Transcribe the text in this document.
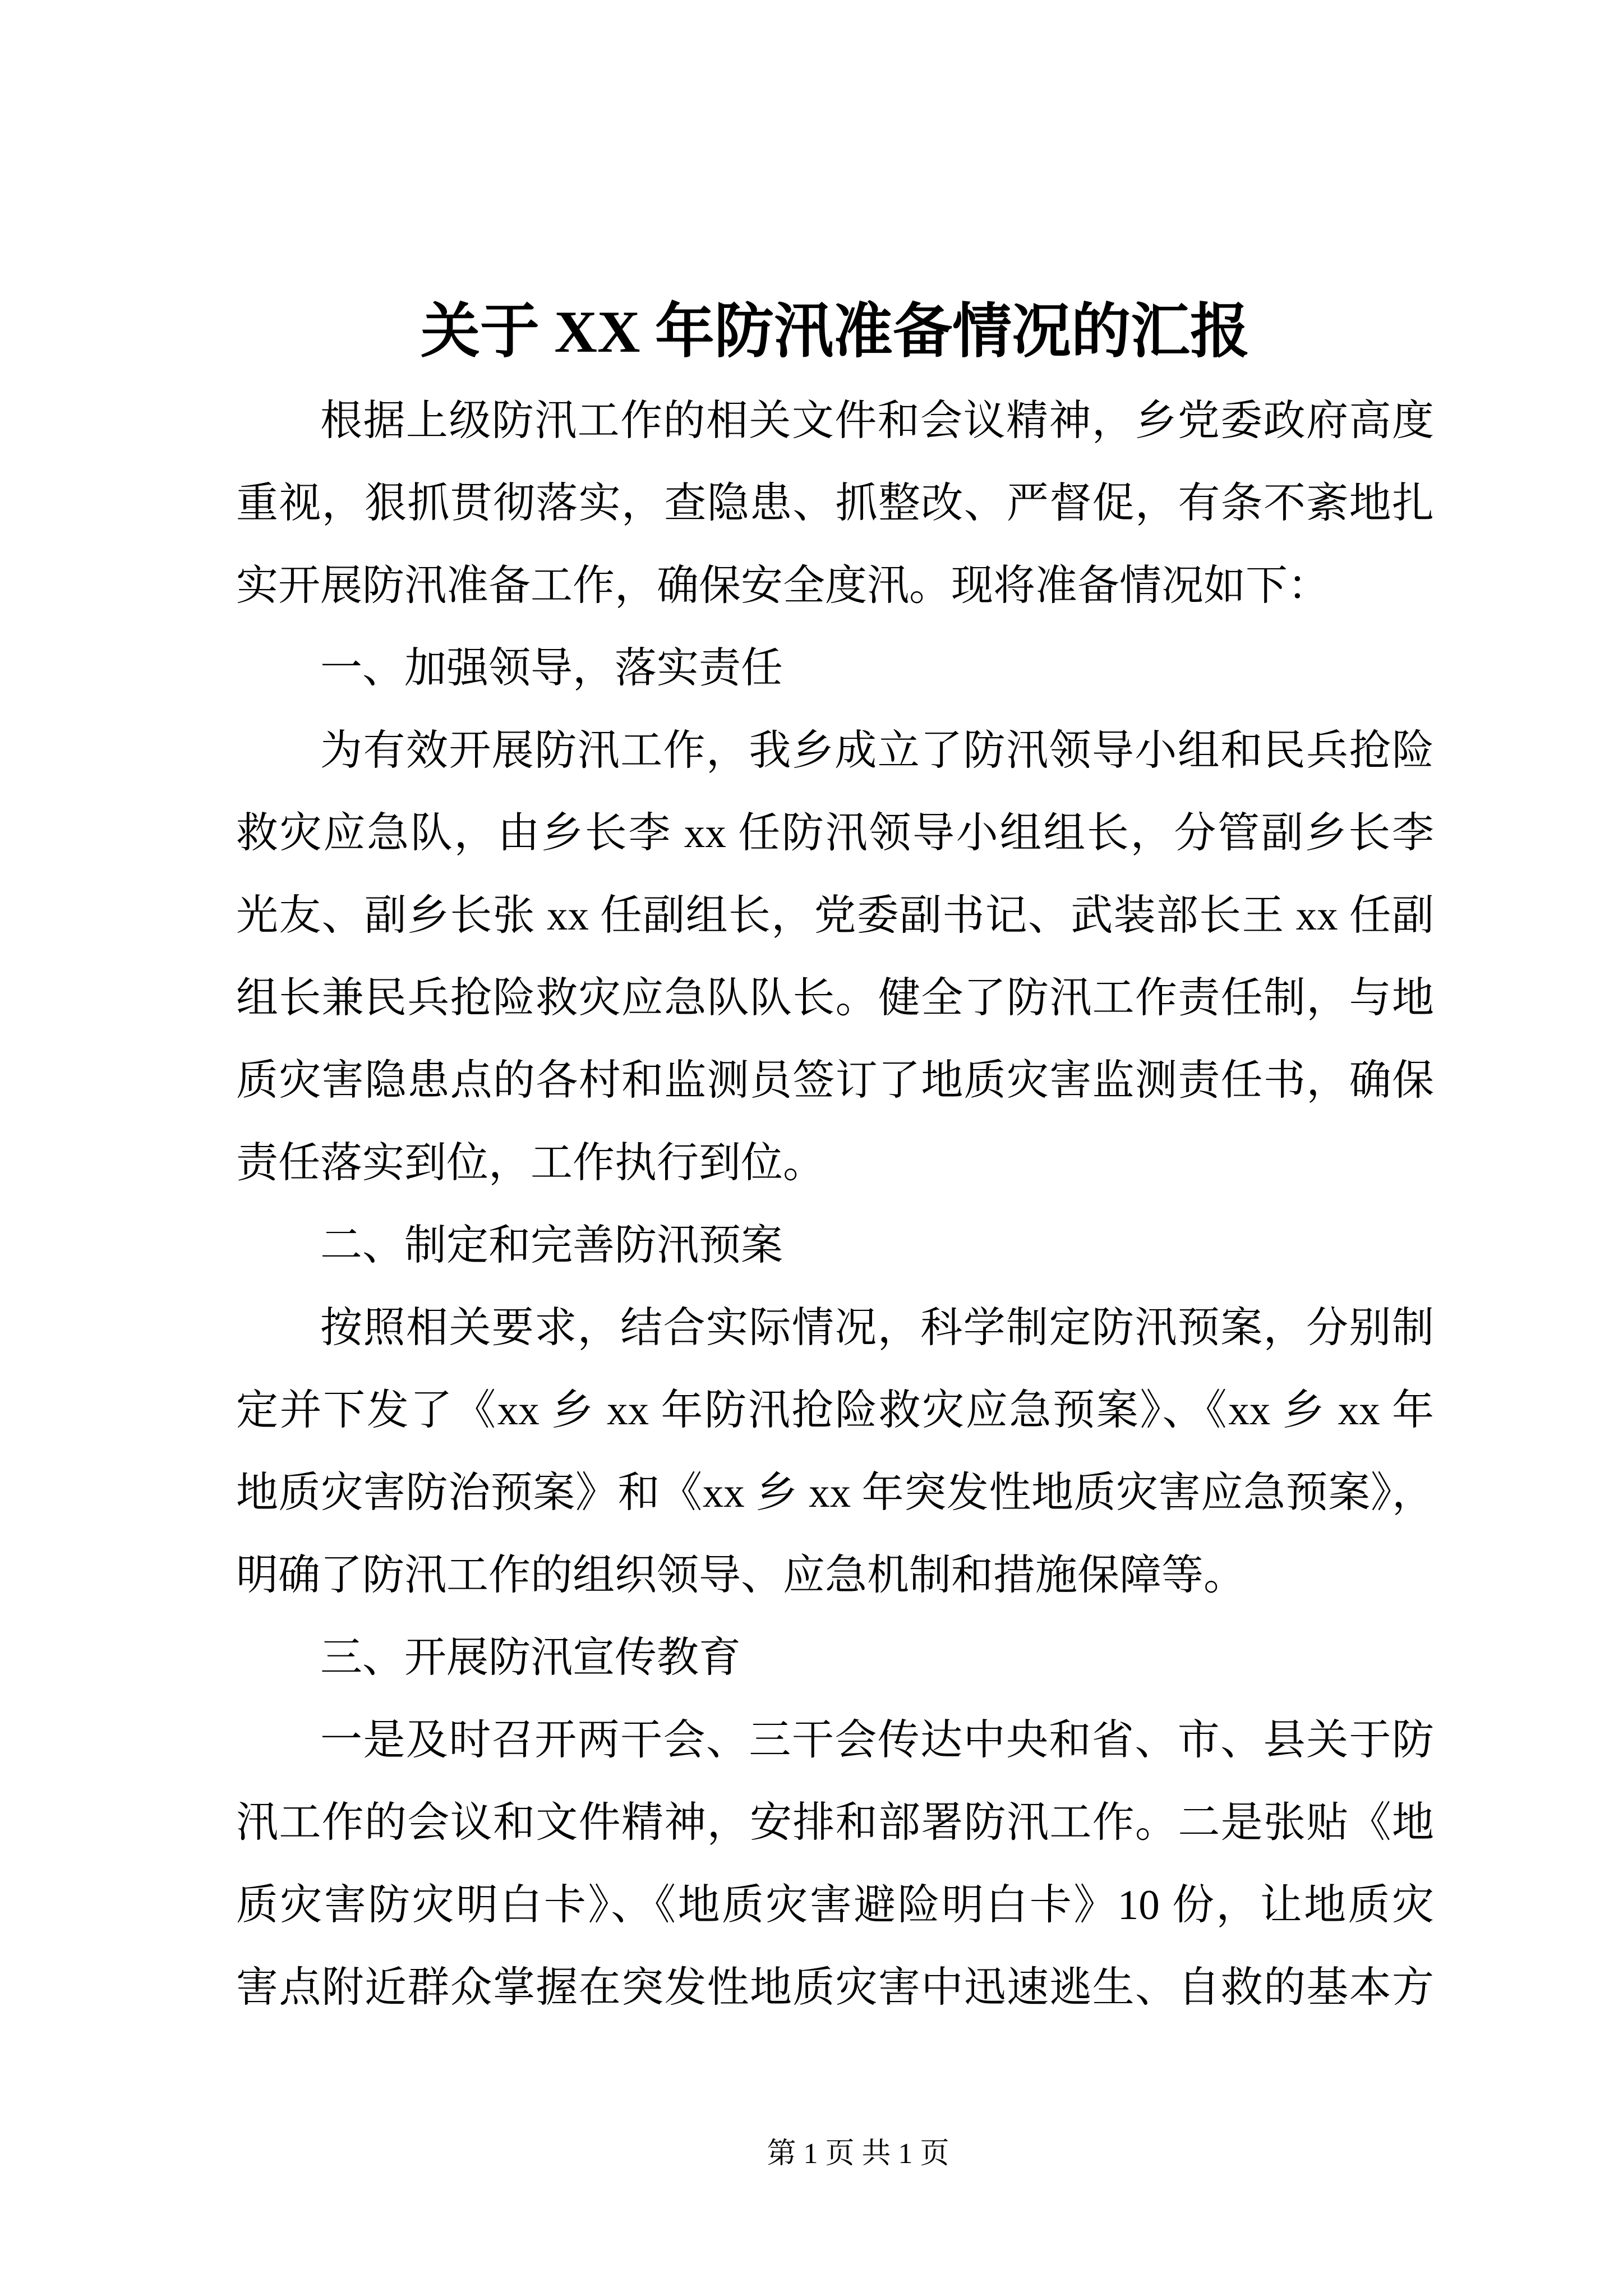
关于 XX 年防汛准备情况的汇报
根据上级防汛工作的相关文件和会议精神，乡党委政府高度
重视，狠抓贯彻落实，查隐患、抓整改、严督促，有条不紊地扎
实开展防汛准备工作，确保安全度汛。现将准备情况如下：
一、加强领导，落实责任
为有效开展防汛工作，我乡成立了防汛领导小组和民兵抢险
救灾应急队，由乡长李 xx 任防汛领导小组组长，分管副乡长李
光友、副乡长张 xx 任副组长，党委副书记、武装部长王 xx 任副
组长兼民兵抢险救灾应急队队长。健全了防汛工作责任制，与地
质灾害隐患点的各村和监测员签订了地质灾害监测责任书，确保
责任落实到位，工作执行到位。
二、制定和完善防汛预案
按照相关要求，结合实际情况，科学制定防汛预案，分别制
定并下发了《xx 乡 xx 年防汛抢险救灾应急预案》、《xx 乡 xx 年
地质灾害防治预案》和《xx 乡 xx 年突发性地质灾害应急预案》，
明确了防汛工作的组织领导、应急机制和措施保障等。
三、开展防汛宣传教育
一是及时召开两干会、三干会传达中央和省、市、县关于防
汛工作的会议和文件精神，安排和部署防汛工作。二是张贴《地
质灾害防灾明白卡》、《地质灾害避险明白卡》10 份，让地质灾
害点附近群众掌握在突发性地质灾害中迅速逃生、自救的基本方
第 1 页 共 1 页
